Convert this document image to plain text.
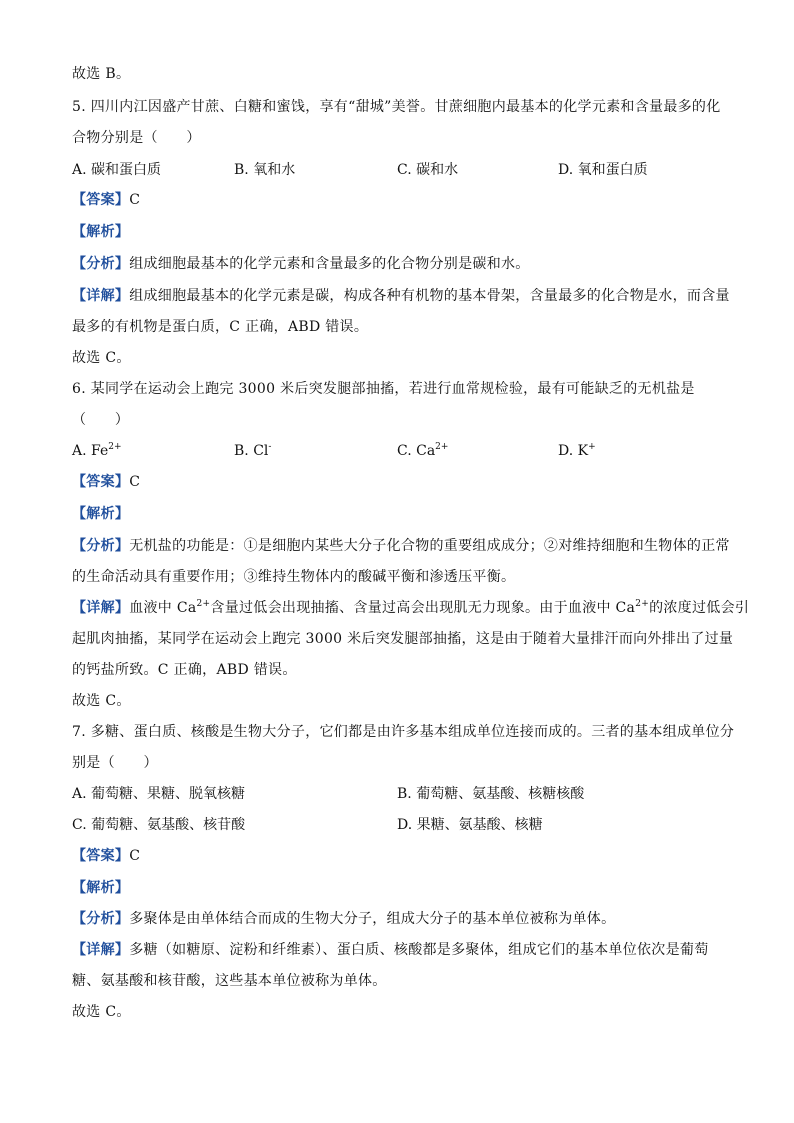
故选 B。
5. 四川内江因盛产甘蔗、白糖和蜜饯，享有“甜城”美誉。甘蔗细胞内最基本的化学元素和含量最多的化
合物分别是（　　）
A. 碳和蛋白质	B. 氧和水	C. 碳和水	D. 氧和蛋白质
【答案】C
【解析】
【分析】组成细胞最基本的化学元素和含量最多的化合物分别是碳和水。
【详解】组成细胞最基本的化学元素是碳，构成各种有机物的基本骨架，含量最多的化合物是水，而含量
最多的有机物是蛋白质，C 正确，ABD 错误。
故选 C。
6. 某同学在运动会上跑完 3000 米后突发腿部抽搐，若进行血常规检验，最有可能缺乏的无机盐是
（　　）
A. $Fe^{2+}$	B. Cl-	C. $Ca^{2+}$	D. K+
【答案】C
【解析】
【分析】无机盐的功能是：①是细胞内某些大分子化合物的重要组成成分；②对维持细胞和生物体的正常
的生命活动具有重要作用；③维持生物体内的酸碱平衡和渗透压平衡。
【详解】血液中 $Ca^{2+}$含量过低会出现抽搐、含量过高会出现肌无力现象。由于血液中 $Ca^{2+}$的浓度过低会引
起肌肉抽搐，某同学在运动会上跑完 3000 米后突发腿部抽搐，这是由于随着大量排汗而向外排出了过量
的钙盐所致。C 正确，ABD 错误。
故选 C。
7. 多糖、蛋白质、核酸是生物大分子，它们都是由许多基本组成单位连接而成的。三者的基本组成单位分
别是（　　）
A. 葡萄糖、果糖、脱氧核糖	B. 葡萄糖、氨基酸、核糖核酸
C. 葡萄糖、氨基酸、核苷酸	D. 果糖、氨基酸、核糖
【答案】C
【解析】
【分析】多聚体是由单体结合而成的生物大分子，组成大分子的基本单位被称为单体。
【详解】多糖（如糖原、淀粉和纤维素）、蛋白质、核酸都是多聚体，组成它们的基本单位依次是葡萄
糖、氨基酸和核苷酸，这些基本单位被称为单体。
故选 C。
